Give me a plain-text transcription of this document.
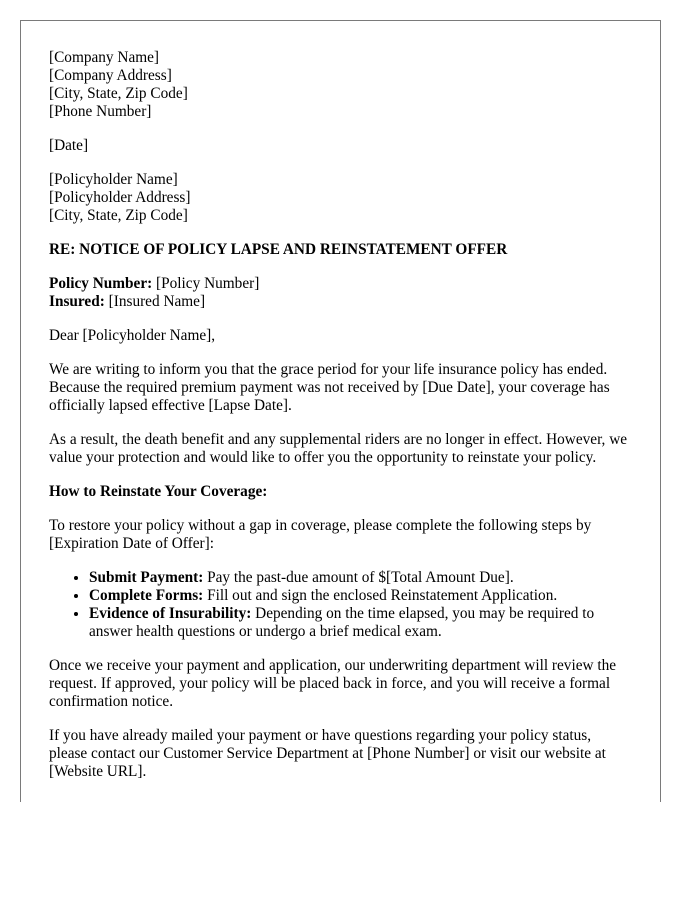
[Company Name]
[Company Address]
[City, State, Zip Code]
[Phone Number]
[Date]
[Policyholder Name]
[Policyholder Address]
[City, State, Zip Code]
RE: NOTICE OF POLICY LAPSE AND REINSTATEMENT OFFER
Policy Number: [Policy Number]
Insured: [Insured Name]

Dear [Policyholder Name],

We are writing to inform you that the grace period for your life insurance policy has ended. Because the required premium payment was not received by [Due Date], your coverage has officially lapsed effective [Lapse Date].

As a result, the death benefit and any supplemental riders are no longer in effect. However, we value your protection and would like to offer you the opportunity to reinstate your policy.

How to Reinstate Your Coverage:

To restore your policy without a gap in coverage, please complete the following steps by [Expiration Date of Offer]:

• Submit Payment: Pay the past-due amount of $[Total Amount Due].
• Complete Forms: Fill out and sign the enclosed Reinstatement Application.
• Evidence of Insurability: Depending on the time elapsed, you may be required to answer health questions or undergo a brief medical exam.

Once we receive your payment and application, our underwriting department will review the request. If approved, your policy will be placed back in force, and you will receive a formal confirmation notice.

If you have already mailed your payment or have questions regarding your policy status, please contact our Customer Service Department at [Phone Number] or visit our website at [Website URL].
